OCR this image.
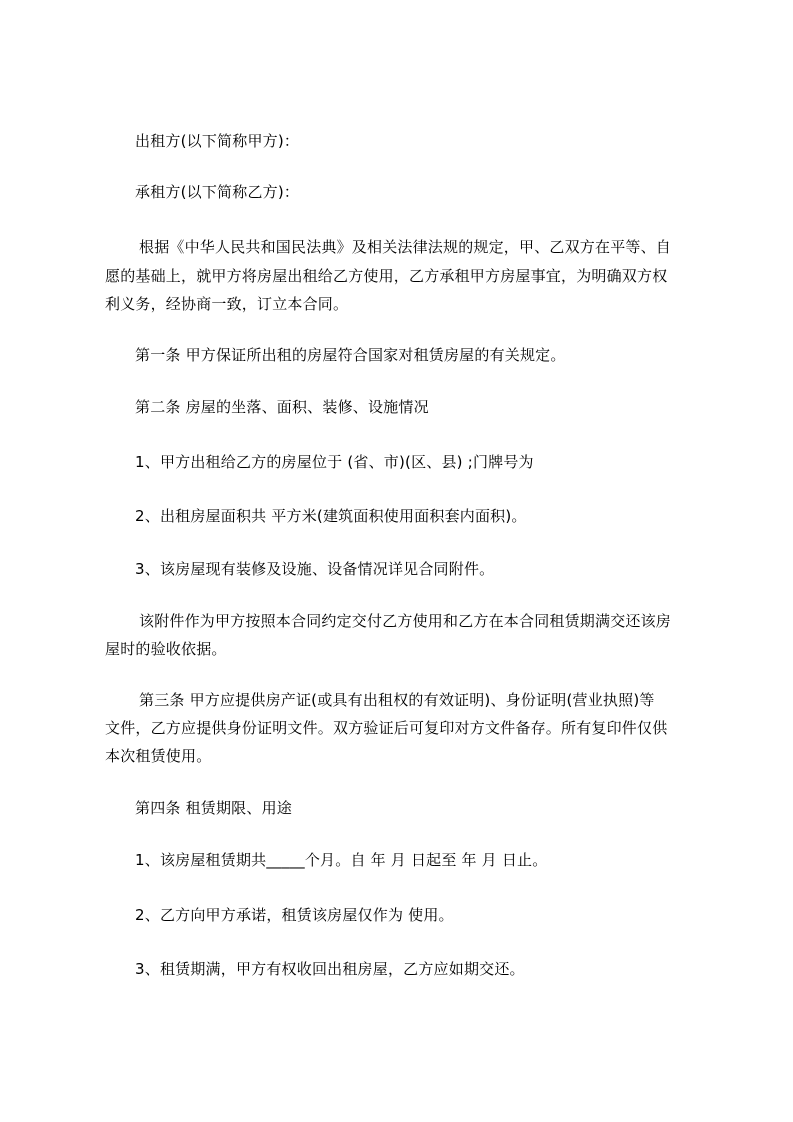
出租方(以下简称甲方)：

承租方(以下简称乙方)：

根据《中华人民共和国民法典》及相关法律法规的规定，甲、乙双方在平等、自

愿的基础上，就甲方将房屋出租给乙方使用，乙方承租甲方房屋事宜，为明确双方权

利义务，经协商一致，订立本合同。

第一条 甲方保证所出租的房屋符合国家对租赁房屋的有关规定。

第二条 房屋的坐落、面积、装修、设施情况

1、甲方出租给乙方的房屋位于 (省、市)(区、县) ;门牌号为

2、出租房屋面积共 平方米(建筑面积使用面积套内面积)。

3、该房屋现有装修及设施、设备情况详见合同附件。

该附件作为甲方按照本合同约定交付乙方使用和乙方在本合同租赁期满交还该房

屋时的验收依据。

第三条 甲方应提供房产证(或具有出租权的有效证明)、身份证明(营业执照)等

文件，乙方应提供身份证明文件。双方验证后可复印对方文件备存。所有复印件仅供

本次租赁使用。

第四条 租赁期限、用途

1、该房屋租赁期共_____个月。自 年 月 日起至 年 月 日止。

2、乙方向甲方承诺，租赁该房屋仅作为 使用。

3、租赁期满，甲方有权收回出租房屋，乙方应如期交还。
